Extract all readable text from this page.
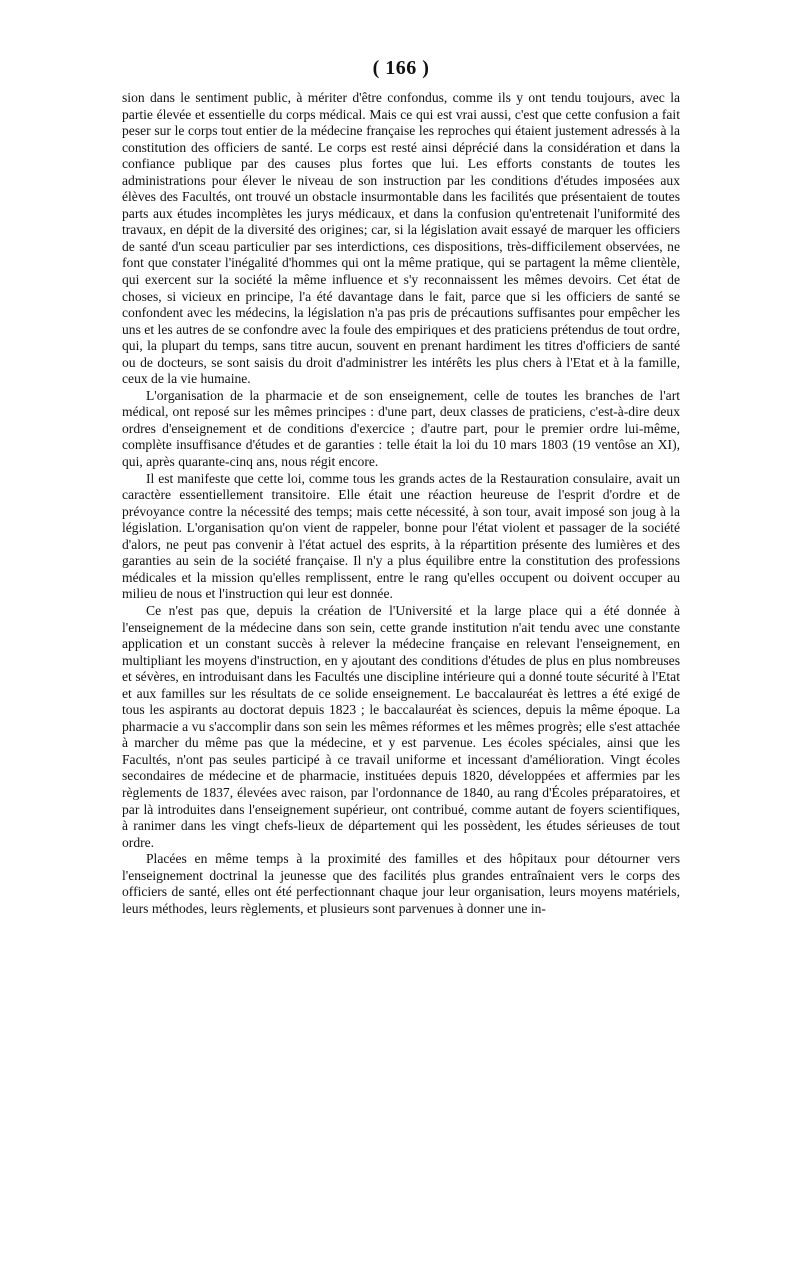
( 166 )

sion dans le sentiment public, à mériter d'être confondus, comme ils y ont tendu toujours, avec la partie élevée et essentielle du corps médical. Mais ce qui est vrai aussi, c'est que cette confusion a fait peser sur le corps tout entier de la médecine française les reproches qui étaient justement adressés à la constitution des officiers de santé. Le corps est resté ainsi déprécié dans la considération et dans la confiance publique par des causes plus fortes que lui. Les efforts constants de toutes les administrations pour élever le niveau de son instruction par les conditions d'études imposées aux élèves des Facultés, ont trouvé un obstacle insurmontable dans les facilités que présentaient de toutes parts aux études incomplètes les jurys médicaux, et dans la confusion qu'entretenait l'uniformité des travaux, en dépit de la diversité des origines; car, si la législation avait essayé de marquer les officiers de santé d'un sceau particulier par ses interdictions, ces dispositions, très-difficilement observées, ne font que constater l'inégalité d'hommes qui ont la même pratique, qui se partagent la même clientèle, qui exercent sur la société la même influence et s'y reconnaissent les mêmes devoirs. Cet état de choses, si vicieux en principe, l'a été davantage dans le fait, parce que si les officiers de santé se confondent avec les médecins, la législation n'a pas pris de précautions suffisantes pour empêcher les uns et les autres de se confondre avec la foule des empiriques et des praticiens prétendus de tout ordre, qui, la plupart du temps, sans titre aucun, souvent en prenant hardiment les titres d'officiers de santé ou de docteurs, se sont saisis du droit d'administrer les intérêts les plus chers à l'Etat et à la famille, ceux de la vie humaine.

L'organisation de la pharmacie et de son enseignement, celle de toutes les branches de l'art médical, ont reposé sur les mêmes principes : d'une part, deux classes de praticiens, c'est-à-dire deux ordres d'enseignement et de conditions d'exercice ; d'autre part, pour le premier ordre lui-même, complète insuffisance d'études et de garanties : telle était la loi du 10 mars 1803 (19 ventôse an XI), qui, après quarante-cinq ans, nous régit encore.

Il est manifeste que cette loi, comme tous les grands actes de la Restauration consulaire, avait un caractère essentiellement transitoire. Elle était une réaction heureuse de l'esprit d'ordre et de prévoyance contre la nécessité des temps; mais cette nécessité, à son tour, avait imposé son joug à la législation. L'organisation qu'on vient de rappeler, bonne pour l'état violent et passager de la société d'alors, ne peut pas convenir à l'état actuel des esprits, à la répartition présente des lumières et des garanties au sein de la société française. Il n'y a plus équilibre entre la constitution des professions médicales et la mission qu'elles remplissent, entre le rang qu'elles occupent ou doivent occuper au milieu de nous et l'instruction qui leur est donnée.

Ce n'est pas que, depuis la création de l'Université et la large place qui a été donnée à l'enseignement de la médecine dans son sein, cette grande institution n'ait tendu avec une constante application et un constant succès à relever la médecine française en relevant l'enseignement, en multipliant les moyens d'instruction, en y ajoutant des conditions d'études de plus en plus nombreuses et sévères, en introduisant dans les Facultés une discipline intérieure qui a donné toute sécurité à l'Etat et aux familles sur les résultats de ce solide enseignement. Le baccalauréat ès lettres a été exigé de tous les aspirants au doctorat depuis 1823 ; le baccalauréat ès sciences, depuis la même époque. La pharmacie a vu s'accomplir dans son sein les mêmes réformes et les mêmes progrès; elle s'est attachée à marcher du même pas que la médecine, et y est parvenue. Les écoles spéciales, ainsi que les Facultés, n'ont pas seules participé à ce travail uniforme et incessant d'amélioration. Vingt écoles secondaires de médecine et de pharmacie, instituées depuis 1820, développées et affermies par les règlements de 1837, élevées avec raison, par l'ordonnance de 1840, au rang d'Écoles préparatoires, et par là introduites dans l'enseignement supérieur, ont contribué, comme autant de foyers scientifiques, à ranimer dans les vingt chefs-lieux de département qui les possèdent, les études sérieuses de tout ordre.

Placées en même temps à la proximité des familles et des hôpitaux pour détourner vers l'enseignement doctrinal la jeunesse que des facilités plus grandes entraînaient vers le corps des officiers de santé, elles ont été perfectionnant chaque jour leur organisation, leurs moyens matériels, leurs méthodes, leurs règlements, et plusieurs sont parvenues à donner une in-
